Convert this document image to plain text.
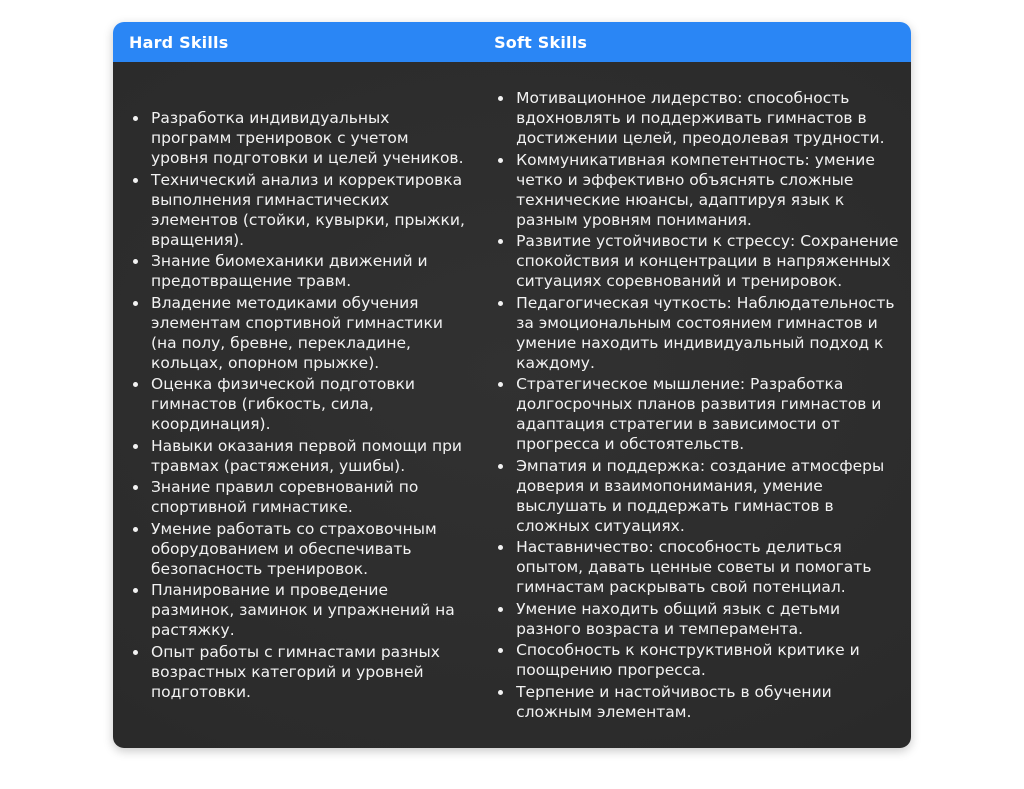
Hard Skills	Soft Skills
• Разработка индивидуальных программ тренировок с учетом уровня подготовки и целей учеников.
• Технический анализ и корректировка выполнения гимнастических элементов (стойки, кувырки, прыжки, вращения).
• Знание биомеханики движений и предотвращение травм.
• Владение методиками обучения элементам спортивной гимнастики (на полу, бревне, перекладине, кольцах, опорном прыжке).
• Оценка физической подготовки гимнастов (гибкость, сила, координация).
• Навыки оказания первой помощи при травмах (растяжения, ушибы).
• Знание правил соревнований по спортивной гимнастике.
• Умение работать со страховочным оборудованием и обеспечивать безопасность тренировок.
• Планирование и проведение разминок, заминок и упражнений на растяжку.
• Опыт работы с гимнастами разных возрастных категорий и уровней подготовки.
• Мотивационное лидерство: способность вдохновлять и поддерживать гимнастов в достижении целей, преодолевая трудности.
• Коммуникативная компетентность: умение четко и эффективно объяснять сложные технические нюансы, адаптируя язык к разным уровням понимания.
• Развитие устойчивости к стрессу: Сохранение спокойствия и концентрации в напряженных ситуациях соревнований и тренировок.
• Педагогическая чуткость: Наблюдательность за эмоциональным состоянием гимнастов и умение находить индивидуальный подход к каждому.
• Стратегическое мышление: Разработка долгосрочных планов развития гимнастов и адаптация стратегии в зависимости от прогресса и обстоятельств.
• Эмпатия и поддержка: создание атмосферы доверия и взаимопонимания, умение выслушать и поддержать гимнастов в сложных ситуациях.
• Наставничество: способность делиться опытом, давать ценные советы и помогать гимнастам раскрывать свой потенциал.
• Умение находить общий язык с детьми разного возраста и темперамента.
• Способность к конструктивной критике и поощрению прогресса.
• Терпение и настойчивость в обучении сложным элементам.
